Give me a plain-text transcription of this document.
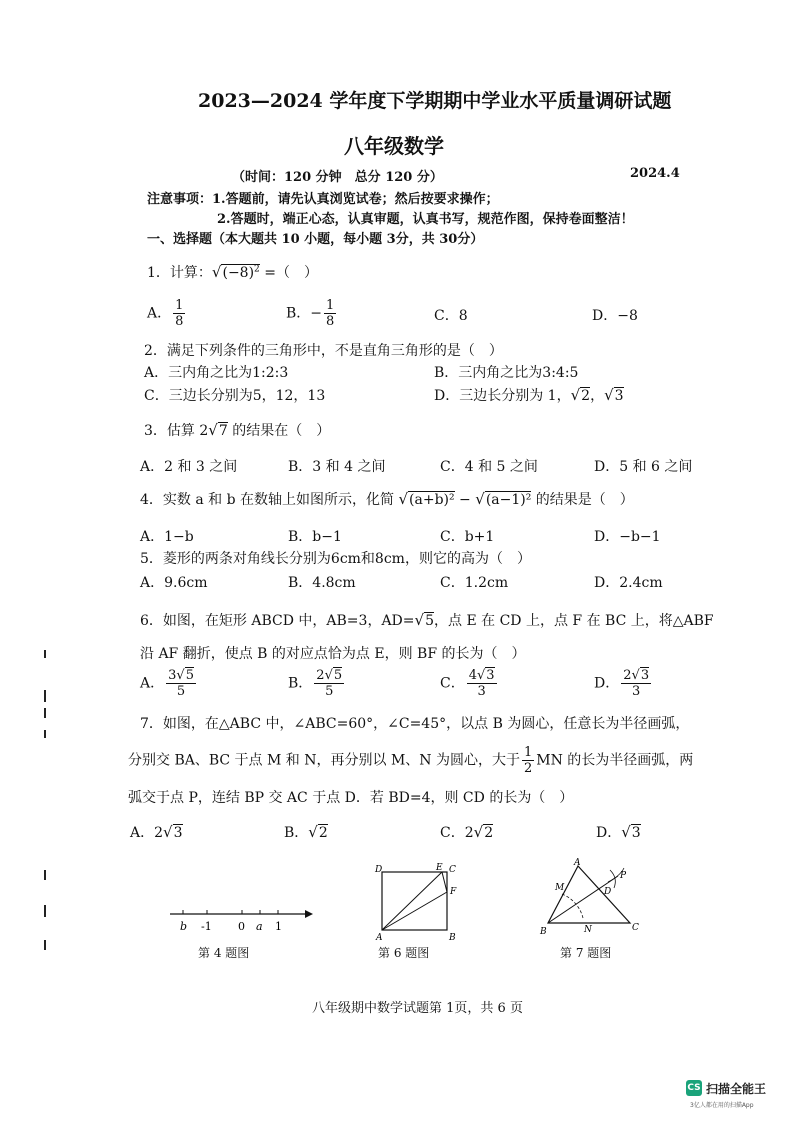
2023—2024 学年度下学期期中学业水平质量调研试题
八年级数学
（时间：120 分钟　总分 120 分）	2024.4
注意事项：1.答题前，请先认真浏览试卷；然后按要求操作；
2.答题时，端正心态，认真审题，认真书写，规范作图，保持卷面整洁！
一、选择题（本大题共 10 小题，每小题 3分，共 30分）
1．计算：$√(-8)^2$ =（　）
A． $\frac{1}{8}$	B．− $\frac{1}{8}$	C．8	D．−8
2．满足下列条件的三角形中，不是直角三角形的是（　）
A．三内角之比为1:2:3	B．三内角之比为3:4:5
C．三边长分别为5，12，13	D．三边长分别为 1，√2，√3
3．估算 2√7 的结果在（　）
A．2 和 3 之间	B．3 和 4 之间	C．4 和 5 之间	D．5 和 6 之间
4．实数 a 和 b 在数轴上如图所示，化简 √(a+b)² − √(a−1)² 的结果是（　）
A．1−b	B．b−1	C．b+1	D．−b−1
5．菱形的两条对角线长分别为6cm和8cm，则它的高为（　）
A．9.6cm	B．4.8cm	C．1.2cm	D．2.4cm
6．如图，在矩形 ABCD 中，AB=3，AD=√5，点 E 在 CD 上，点 F 在 BC 上，将△ABF
沿 AF 翻折，使点 B 的对应点恰为点 E，则 BF 的长为（　）
A． $\frac{3√5}{5}$	B． $\frac{2√5}{5}$	C． $\frac{4√3}{3}$	D． $\frac{2√3}{3}$
7．如图，在△ABC 中，∠ABC=60°，∠C=45°，以点 B 为圆心，任意长为半径画弧，
分别交 BA、BC 于点 M 和 N，再分别以 M、N 为圆心，大于 $\frac{1}{2}$ MN 的长为半径画弧，两
弧交于点 P，连结 BP 交 AC 于点 D．若 BD=4，则 CD 的长为（　）
A．2√3	B．√2	C．2√2	D．√3
b -1 0 a 1
第 4 题图
D	E C
F
A	B
第 6 题图
A
M
P
D
B	N	C
第 7 题图
八年级期中数学试题第 1页，共 6 页
CS 扫描全能王
3亿人都在用的扫描App
